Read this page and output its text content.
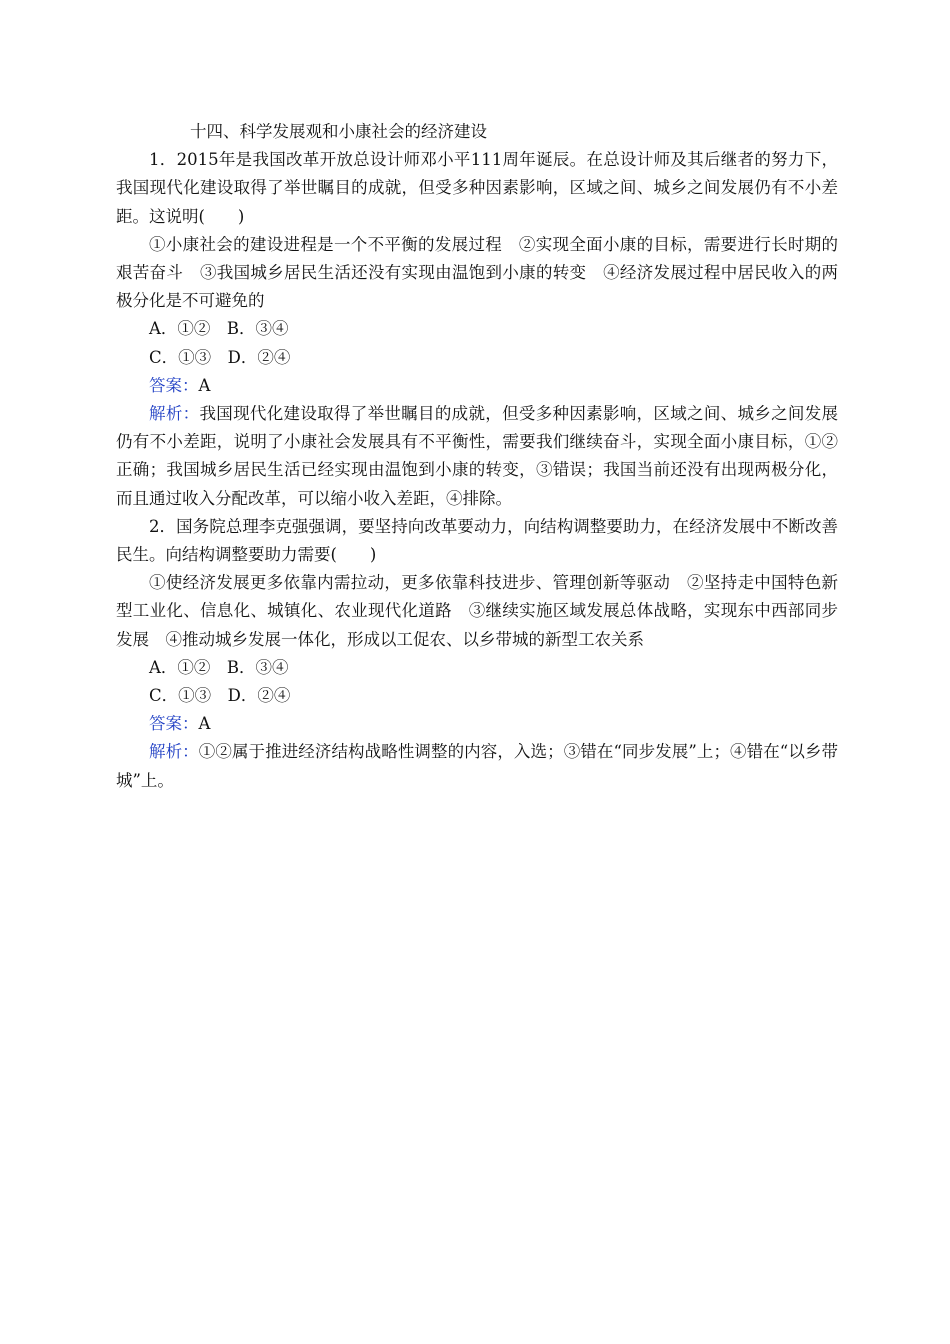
十四、科学发展观和小康社会的经济建设

1．2015年是我国改革开放总设计师邓小平111周年诞辰。在总设计师及其后继者的努力下，我国现代化建设取得了举世瞩目的成就，但受多种因素影响，区域之间、城乡之间发展仍有不小差距。这说明(　　)

①小康社会的建设进程是一个不平衡的发展过程　②实现全面小康的目标，需要进行长时期的艰苦奋斗　③我国城乡居民生活还没有实现由温饱到小康的转变　④经济发展过程中居民收入的两极分化是不可避免的

A．①②　B．③④

C．①③　D．②④

答案：A

解析：我国现代化建设取得了举世瞩目的成就，但受多种因素影响，区域之间、城乡之间发展仍有不小差距，说明了小康社会发展具有不平衡性，需要我们继续奋斗，实现全面小康目标，①②正确；我国城乡居民生活已经实现由温饱到小康的转变，③错误；我国当前还没有出现两极分化，而且通过收入分配改革，可以缩小收入差距，④排除。

2．国务院总理李克强强调，要坚持向改革要动力，向结构调整要助力，在经济发展中不断改善民生。向结构调整要助力需要(　　)

①使经济发展更多依靠内需拉动，更多依靠科技进步、管理创新等驱动　②坚持走中国特色新型工业化、信息化、城镇化、农业现代化道路　③继续实施区域发展总体战略，实现东中西部同步发展　④推动城乡发展一体化，形成以工促农、以乡带城的新型工农关系

A．①②　B．③④

C．①③　D．②④

答案：A

解析：①②属于推进经济结构战略性调整的内容，入选；③错在“同步发展”上；④错在“以乡带城”上。
